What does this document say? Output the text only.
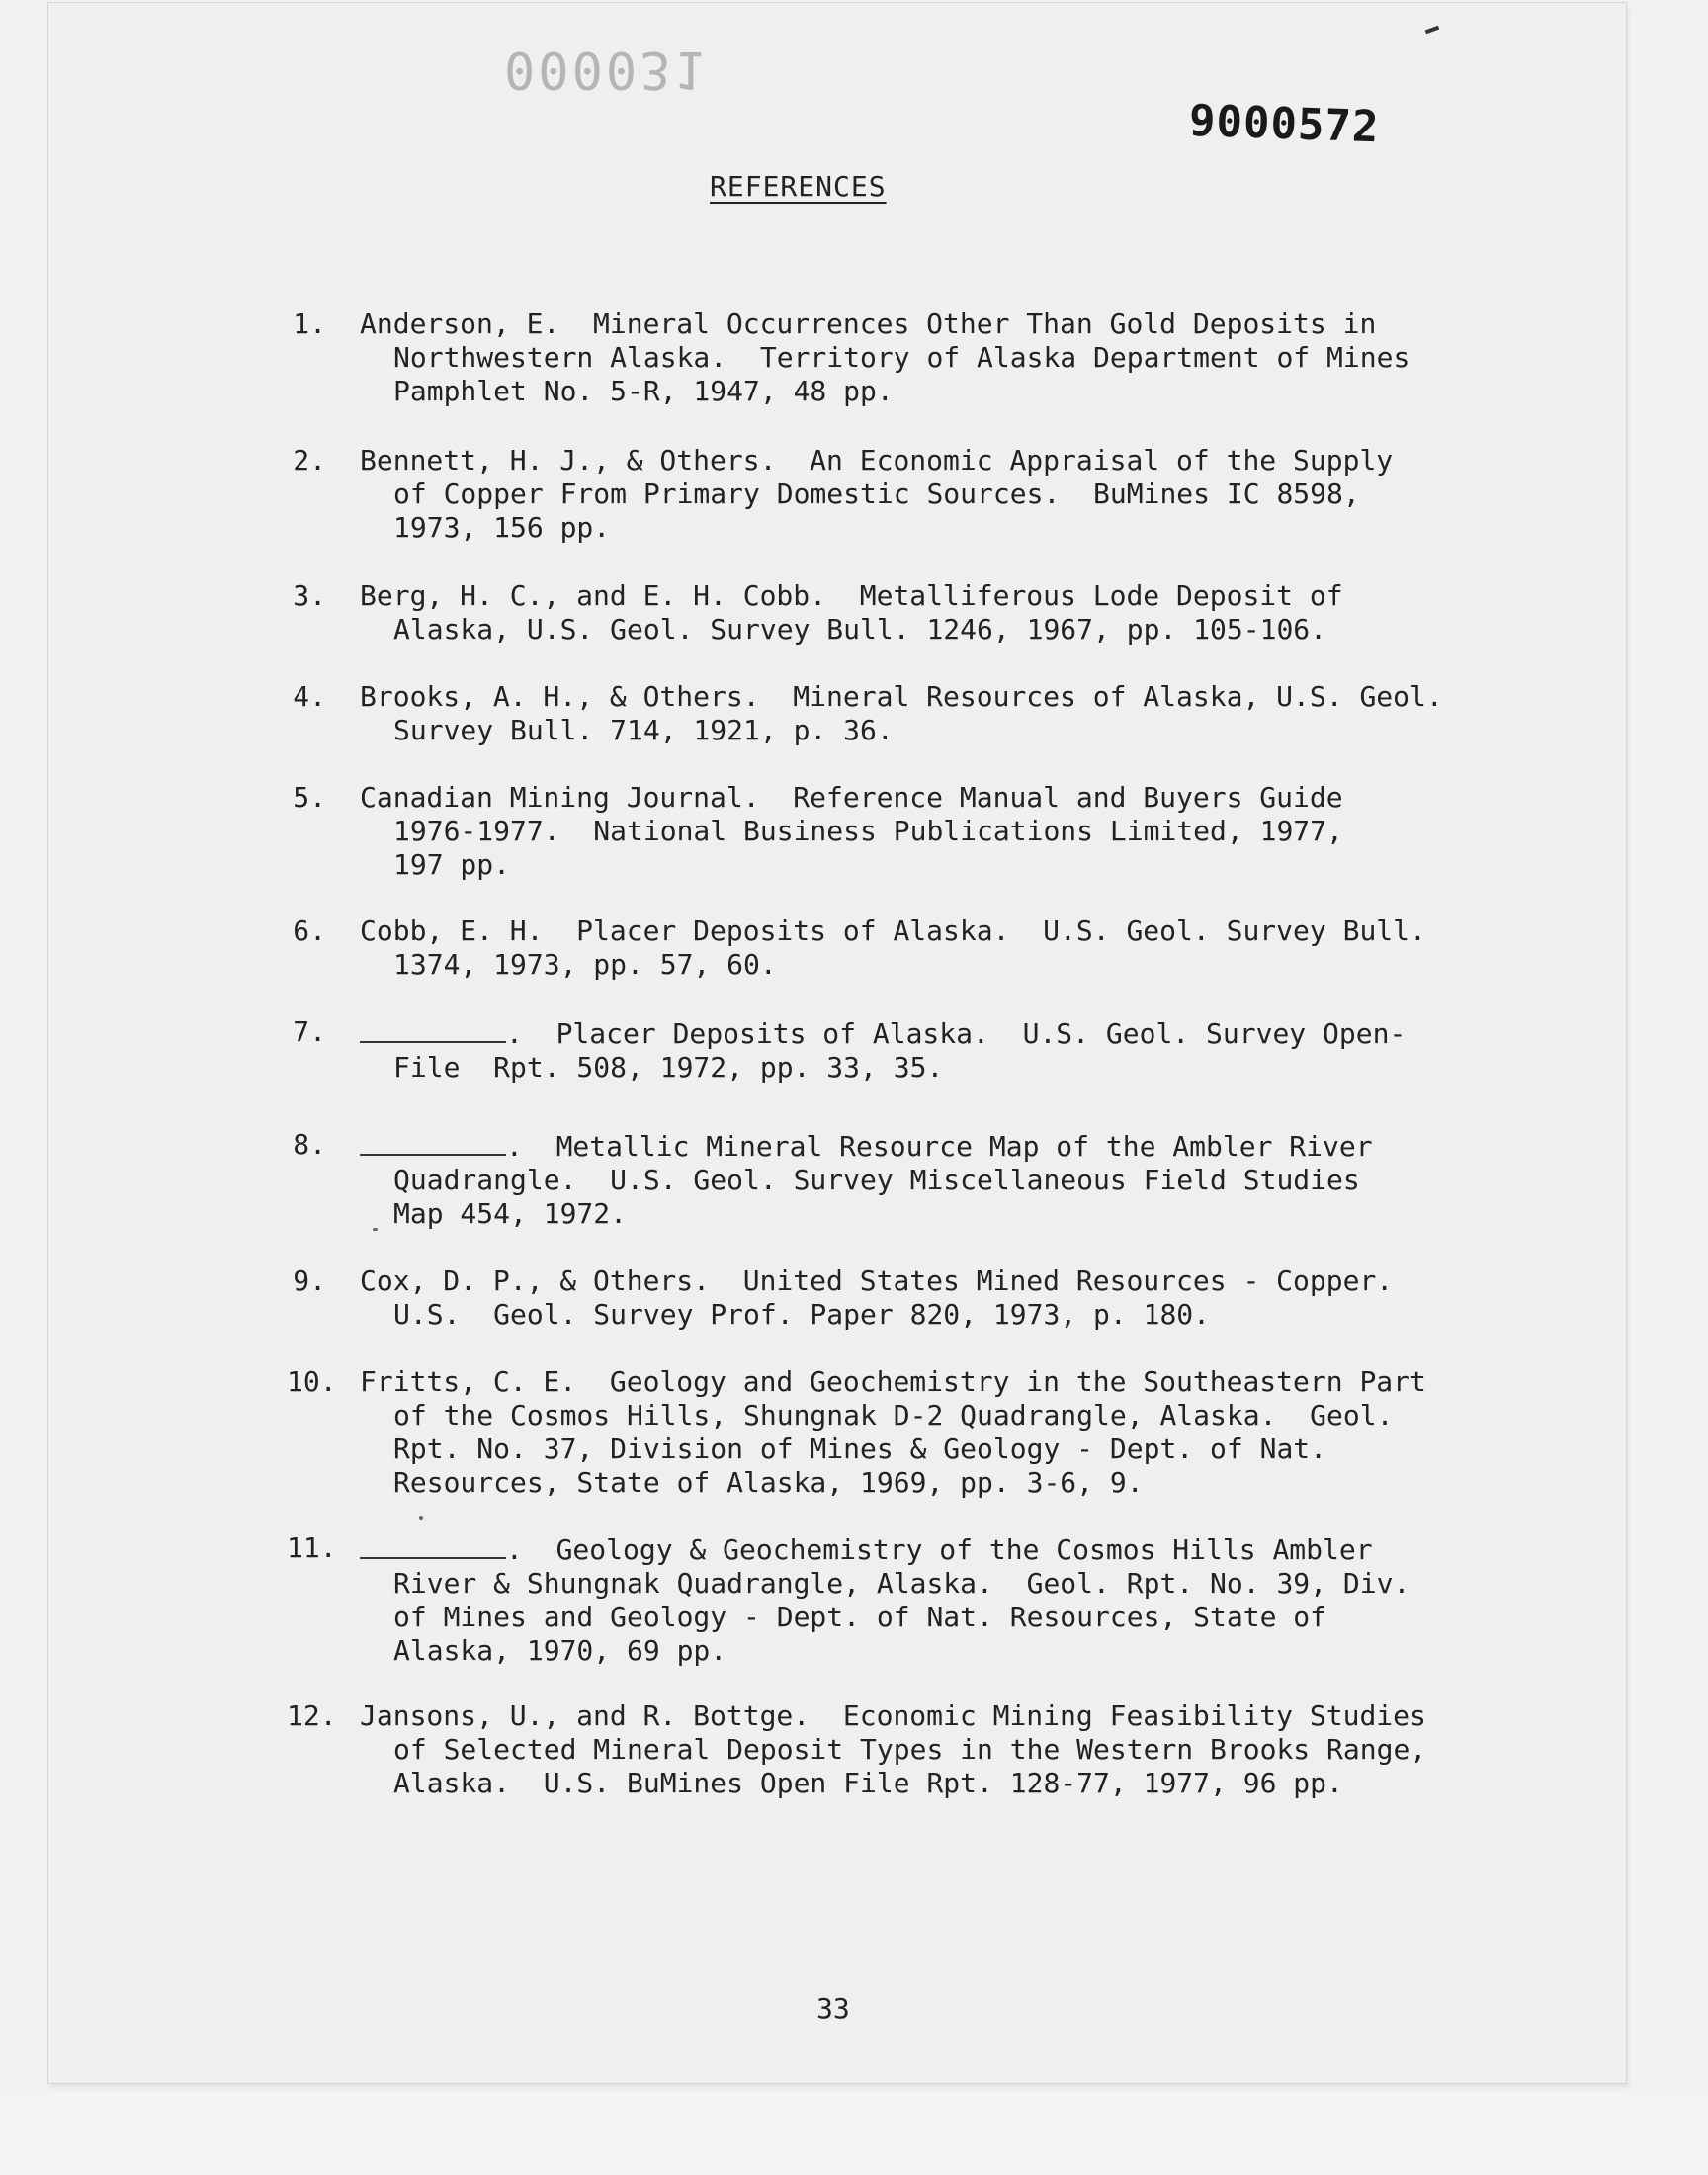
000031
9000572
REFERENCES
1. Anderson, E.  Mineral Occurrences Other Than Gold Deposits in
Northwestern Alaska.  Territory of Alaska Department of Mines
Pamphlet No. 5-R, 1947, 48 pp.
2. Bennett, H. J., & Others.  An Economic Appraisal of the Supply
of Copper From Primary Domestic Sources.  BuMines IC 8598,
1973, 156 pp.
3. Berg, H. C., and E. H. Cobb.  Metalliferous Lode Deposit of
Alaska, U.S. Geol. Survey Bull. 1246, 1967, pp. 105-106.
4. Brooks, A. H., & Others.  Mineral Resources of Alaska, U.S. Geol.
Survey Bull. 714, 1921, p. 36.
5. Canadian Mining Journal.  Reference Manual and Buyers Guide
1976-1977.  National Business Publications Limited, 1977,
197 pp.
6. Cobb, E. H.  Placer Deposits of Alaska.  U.S. Geol. Survey Bull.
1374, 1973, pp. 57, 60.
7.	.  Placer Deposits of Alaska.  U.S. Geol. Survey Open-
File  Rpt. 508, 1972, pp. 33, 35.
8.	.  Metallic Mineral Resource Map of the Ambler River
Quadrangle.  U.S. Geol. Survey Miscellaneous Field Studies
Map 454, 1972.
9. Cox, D. P., & Others.  United States Mined Resources - Copper.
U.S.  Geol. Survey Prof. Paper 820, 1973, p. 180.
10. Fritts, C. E.  Geology and Geochemistry in the Southeastern Part
of the Cosmos Hills, Shungnak D-2 Quadrangle, Alaska.  Geol.
Rpt. No. 37, Division of Mines & Geology - Dept. of Nat.
Resources, State of Alaska, 1969, pp. 3-6, 9.
11.	.  Geology & Geochemistry of the Cosmos Hills Ambler
River & Shungnak Quadrangle, Alaska.  Geol. Rpt. No. 39, Div.
of Mines and Geology - Dept. of Nat. Resources, State of
Alaska, 1970, 69 pp.
12. Jansons, U., and R. Bottge.  Economic Mining Feasibility Studies
of Selected Mineral Deposit Types in the Western Brooks Range,
Alaska.  U.S. BuMines Open File Rpt. 128-77, 1977, 96 pp.
33
